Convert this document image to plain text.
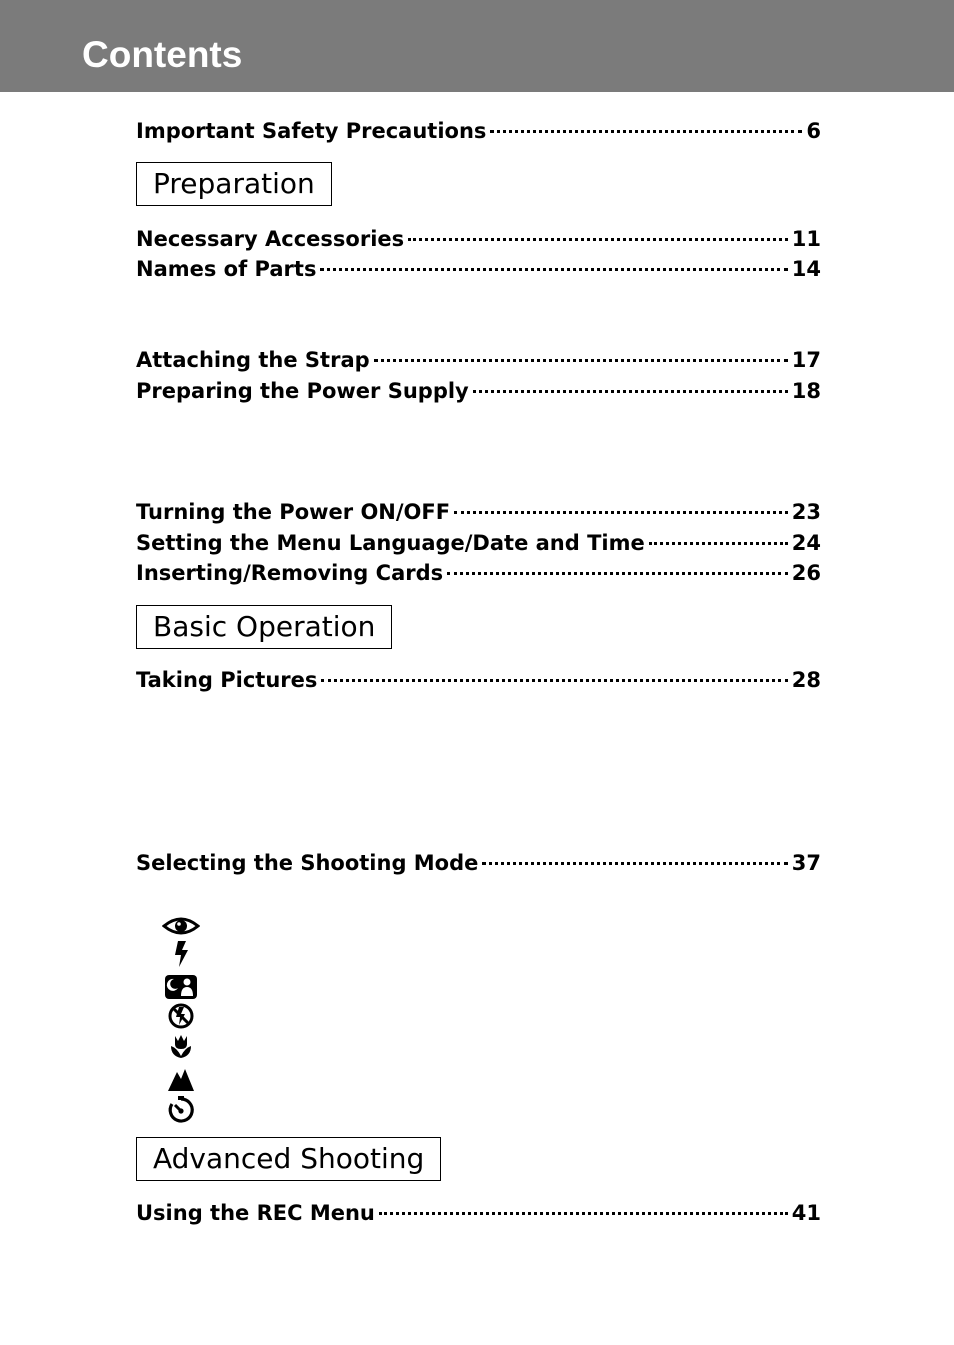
Contents
Important Safety Precautions	6
Preparation
Necessary Accessories	11
Names of Parts	14
Attaching the Strap	17
Preparing the Power Supply	18
Turning the Power ON/OFF	23
Setting the Menu Language/Date and Time	24
Inserting/Removing Cards	26
Basic Operation
Taking Pictures	28
Selecting the Shooting Mode	37
Advanced Shooting
Using the REC Menu	41
